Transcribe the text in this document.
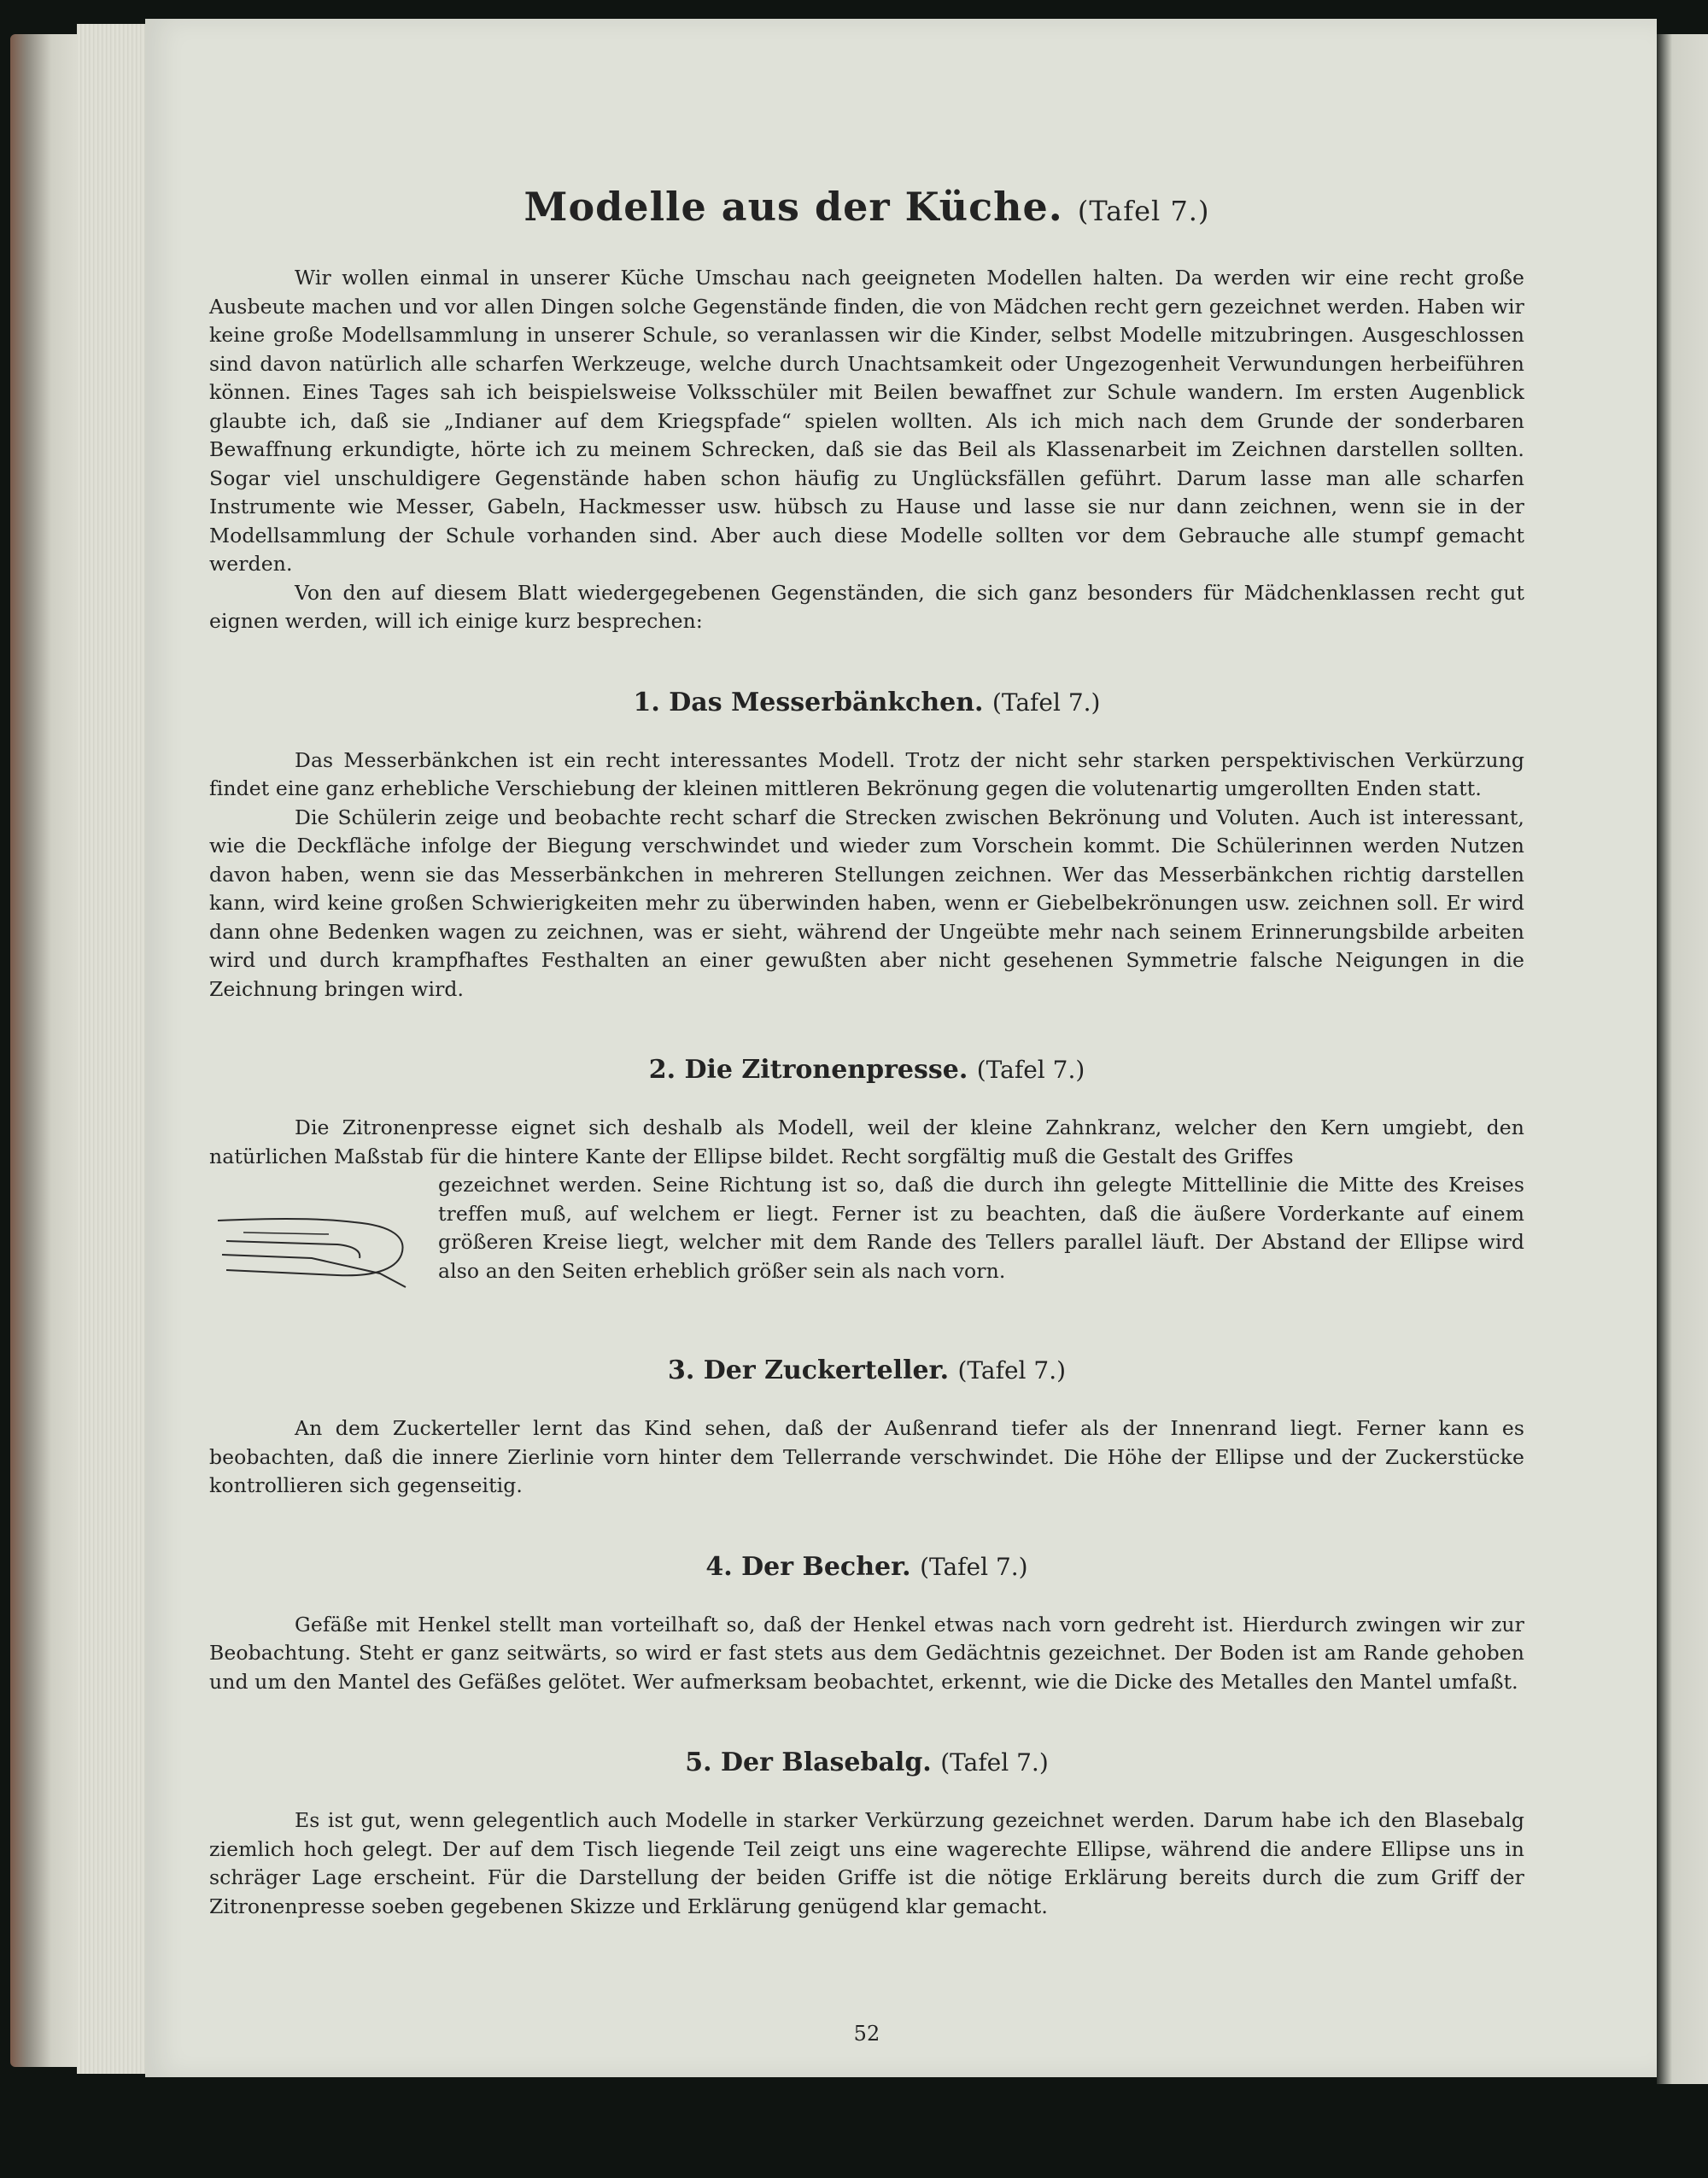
Modelle aus der Küche. (Tafel 7.)

Wir wollen einmal in unserer Küche Umschau nach geeigneten Modellen halten. Da werden wir eine recht große Ausbeute machen und vor allen Dingen solche Gegenstände finden, die von Mädchen recht gern gezeichnet werden. Haben wir keine große Modellsammlung in unserer Schule, so veranlassen wir die Kinder, selbst Modelle mitzubringen. Ausgeschlossen sind davon natürlich alle scharfen Werkzeuge, welche durch Unachtsamkeit oder Ungezogenheit Verwundungen herbeiführen können. Eines Tages sah ich beispielsweise Volksschüler mit Beilen bewaffnet zur Schule wandern. Im ersten Augenblick glaubte ich, daß sie „Indianer auf dem Kriegspfade“ spielen wollten. Als ich mich nach dem Grunde der sonderbaren Bewaffnung erkundigte, hörte ich zu meinem Schrecken, daß sie das Beil als Klassenarbeit im Zeichnen darstellen sollten. Sogar viel unschuldigere Gegenstände haben schon häufig zu Unglücksfällen geführt. Darum lasse man alle scharfen Instrumente wie Messer, Gabeln, Hackmesser usw. hübsch zu Hause und lasse sie nur dann zeichnen, wenn sie in der Modellsammlung der Schule vorhanden sind. Aber auch diese Modelle sollten vor dem Gebrauche alle stumpf gemacht werden.

Von den auf diesem Blatt wiedergegebenen Gegenständen, die sich ganz besonders für Mädchenklassen recht gut eignen werden, will ich einige kurz besprechen:

1. Das Messerbänkchen. (Tafel 7.)

Das Messerbänkchen ist ein recht interessantes Modell. Trotz der nicht sehr starken perspektivischen Verkürzung findet eine ganz erhebliche Verschiebung der kleinen mittleren Bekrönung gegen die volutenartig umgerollten Enden statt.

Die Schülerin zeige und beobachte recht scharf die Strecken zwischen Bekrönung und Voluten. Auch ist interessant, wie die Deckfläche infolge der Biegung verschwindet und wieder zum Vorschein kommt. Die Schülerinnen werden Nutzen davon haben, wenn sie das Messerbänkchen in mehreren Stellungen zeichnen. Wer das Messerbänkchen richtig darstellen kann, wird keine großen Schwierigkeiten mehr zu überwinden haben, wenn er Giebelbekrönungen usw. zeichnen soll. Er wird dann ohne Bedenken wagen zu zeichnen, was er sieht, während der Ungeübte mehr nach seinem Erinnerungsbilde arbeiten wird und durch krampfhaftes Festhalten an einer gewußten aber nicht gesehenen Symmetrie falsche Neigungen in die Zeichnung bringen wird.

2. Die Zitronenpresse. (Tafel 7.)

Die Zitronenpresse eignet sich deshalb als Modell, weil der kleine Zahnkranz, welcher den Kern umgiebt, den natürlichen Maßstab für die hintere Kante der Ellipse bildet. Recht sorgfältig muß die Gestalt des Griffes

gezeichnet werden. Seine Richtung ist so, daß die durch ihn gelegte Mittellinie die Mitte des Kreises treffen muß, auf welchem er liegt. Ferner ist zu beachten, daß die äußere Vorderkante auf einem größeren Kreise liegt, welcher mit dem Rande des Tellers parallel läuft. Der Abstand der Ellipse wird also an den Seiten erheblich größer sein als nach vorn.

3. Der Zuckerteller. (Tafel 7.)

An dem Zuckerteller lernt das Kind sehen, daß der Außenrand tiefer als der Innenrand liegt. Ferner kann es beobachten, daß die innere Zierlinie vorn hinter dem Tellerrande verschwindet. Die Höhe der Ellipse und der Zuckerstücke kontrollieren sich gegenseitig.

4. Der Becher. (Tafel 7.)

Gefäße mit Henkel stellt man vorteilhaft so, daß der Henkel etwas nach vorn gedreht ist. Hierdurch zwingen wir zur Beobachtung. Steht er ganz seitwärts, so wird er fast stets aus dem Gedächtnis gezeichnet. Der Boden ist am Rande gehoben und um den Mantel des Gefäßes gelötet. Wer aufmerksam beobachtet, erkennt, wie die Dicke des Metalles den Mantel umfaßt.

5. Der Blasebalg. (Tafel 7.)

Es ist gut, wenn gelegentlich auch Modelle in starker Verkürzung gezeichnet werden. Darum habe ich den Blasebalg ziemlich hoch gelegt. Der auf dem Tisch liegende Teil zeigt uns eine wagerechte Ellipse, während die andere Ellipse uns in schräger Lage erscheint. Für die Darstellung der beiden Griffe ist die nötige Erklärung bereits durch die zum Griff der Zitronenpresse soeben gegebenen Skizze und Erklärung genügend klar gemacht.

52
